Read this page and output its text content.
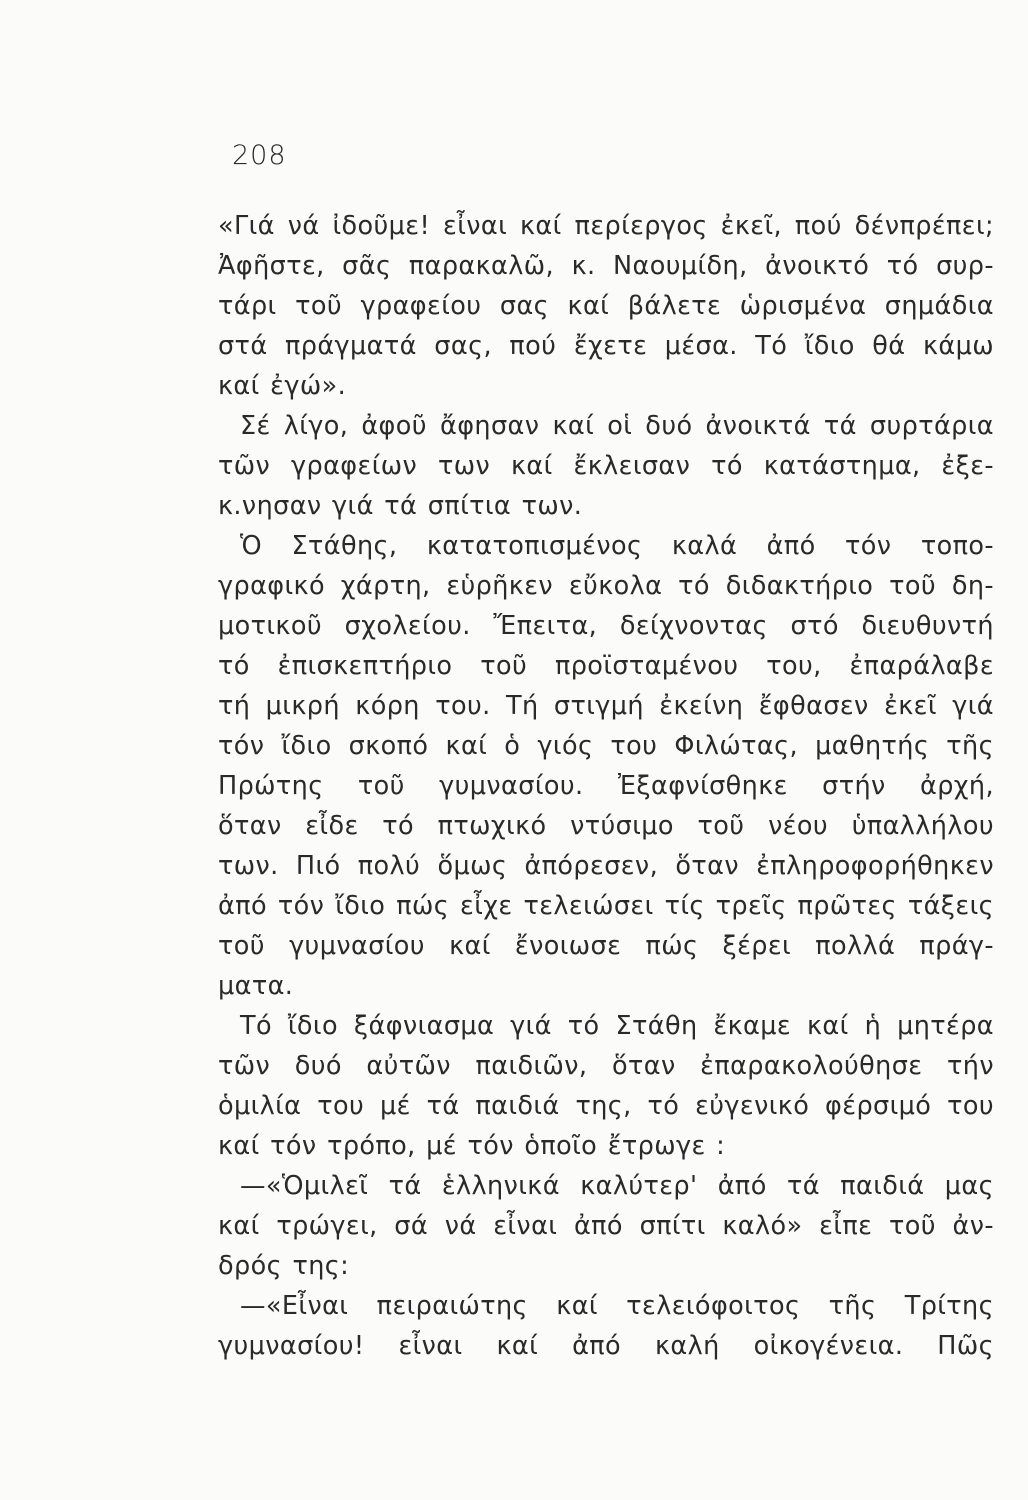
208
«Γιά νά ἰδοῦμε! εἶναι καί περίεργος ἐκεῖ, πού δένπρέπει;
Ἀφῆστε, σᾶς παρακαλῶ, κ. Ναουμίδη, ἀνοικτό τό συρ-
τάρι τοῦ γραφείου σας καί βάλετε ὡρισμένα σημάδια
στά πράγματά σας, πού ἔχετε μέσα. Τό ἴδιο θά κάμω
καί ἐγώ».
Σέ λίγο, ἀφοῦ ἄφησαν καί οἱ δυό ἀνοικτά τά συρτάρια
τῶν γραφείων των καί ἔκλεισαν τό κατάστημα, ἐξε-
κ.νησαν γιά τά σπίτια των.
Ὁ Στάθης, κατατοπισμένος καλά ἀπό τόν τοπο-
γραφικό χάρτη, εὑρῆκεν εὔκολα τό διδακτήριο τοῦ δη-
μοτικοῦ σχολείου. Ἔπειτα, δείχνοντας στό διευθυντή
τό ἐπισκεπτήριο τοῦ προϊσταμένου του, ἐπαράλαβε
τή μικρή κόρη του. Τή στιγμή ἐκείνη ἔφθασεν ἐκεῖ γιά
τόν ἴδιο σκοπό καί ὁ γιός του Φιλώτας, μαθητής τῆς
Πρώτης τοῦ γυμνασίου. Ἐξαφνίσθηκε στήν ἀρχή,
ὅταν εἶδε τό πτωχικό ντύσιμο τοῦ νέου ὑπαλλήλου
των. Πιό πολύ ὅμως ἀπόρεσεν, ὅταν ἐπληροφορήθηκεν
ἀπό τόν ἴδιο πώς εἶχε τελειώσει τίς τρεῖς πρῶτες τάξεις
τοῦ γυμνασίου καί ἔνοιωσε πώς ξέρει πολλά πράγ-
ματα.
Τό ἴδιο ξάφνιασμα γιά τό Στάθη ἔκαμε καί ἡ μητέρα
τῶν δυό αὐτῶν παιδιῶν, ὅταν ἐπαρακολούθησε τήν
ὁμιλία του μέ τά παιδιά της, τό εὐγενικό φέρσιμό του
καί τόν τρόπο, μέ τόν ὁποῖο ἔτρωγε :
—«Ὁμιλεῖ τά ἑλληνικά καλύτερ' ἀπό τά παιδιά μας
καί τρώγει, σά νά εἶναι ἀπό σπίτι καλό» εἶπε τοῦ ἀν-
δρός της:
—«Εἶναι πειραιώτης καί τελειόφοιτος τῆς Τρίτης
γυμνασίου! εἶναι καί ἀπό καλή οἰκογένεια. Πῶς
